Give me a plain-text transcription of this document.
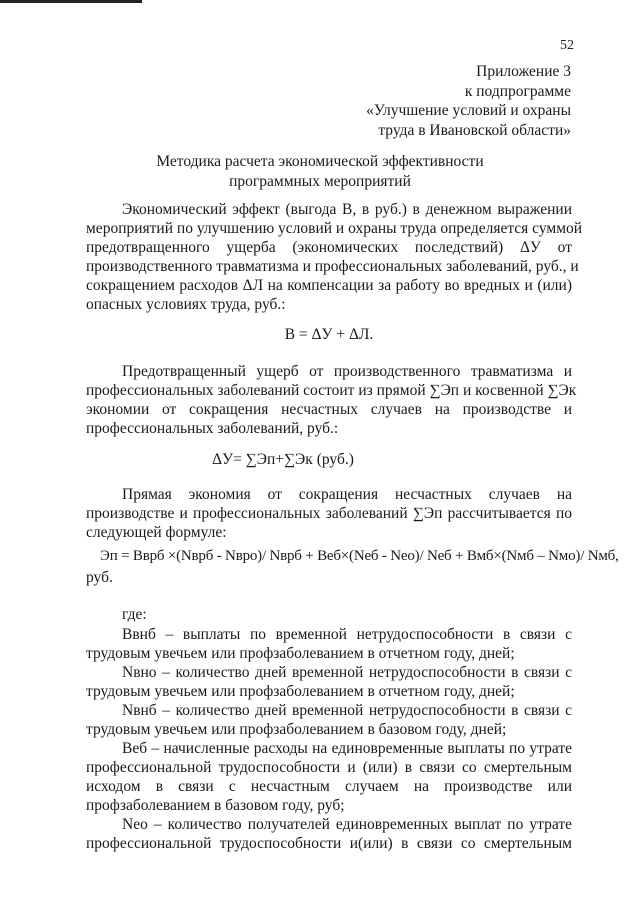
52
Приложение 3
к подпрограмме
«Улучшение условий и охраны
труда в Ивановской области»
Методика расчета экономической эффективности
программных мероприятий
Экономический эффект (выгода В, в руб.) в денежном выражении
мероприятий по улучшению условий и охраны труда определяется суммой
предотвращенного ущерба (экономических последствий) ΔУ от
производственного травматизма и профессиональных заболеваний, руб., и
сокращением расходов ΔЛ на компенсации за работу во вредных и (или)
опасных условиях труда, руб.:
В = ΔУ + ΔЛ.
Предотвращенный ущерб от производственного травматизма и
профессиональных заболеваний состоит из прямой ∑Эп и косвенной ∑Эк
экономии от сокращения несчастных случаев на производстве и
профессиональных заболеваний, руб.:
ΔУ= ∑Эп+∑Эк (руб.)
Прямая экономия от сокращения несчастных случаев на
производстве и профессиональных заболеваний ∑Эп рассчитывается по
следующей формуле:
Эп = Вврб ×(Nврб - Nвро)/ Nврб + Веб×(Nеб - Nео)/ Nеб + Вмб×(Nмб – Nмо)/ Nмб,
руб.
где:
Ввнб – выплаты по временной нетрудоспособности в связи с
трудовым увечьем или профзаболеванием в отчетном году, дней;
Nвно – количество дней временной нетрудоспособности в связи с
трудовым увечьем или профзаболеванием в отчетном году, дней;
Nвнб – количество дней временной нетрудоспособности в связи с
трудовым увечьем или профзаболеванием в базовом году, дней;
Веб – начисленные расходы на единовременные выплаты по утрате
профессиональной трудоспособности и (или) в связи со смертельным
исходом в связи с несчастным случаем на производстве или
профзаболеванием в базовом году, руб;
Nео – количество получателей единовременных выплат по утрате
профессиональной трудоспособности и(или) в связи со смертельным
